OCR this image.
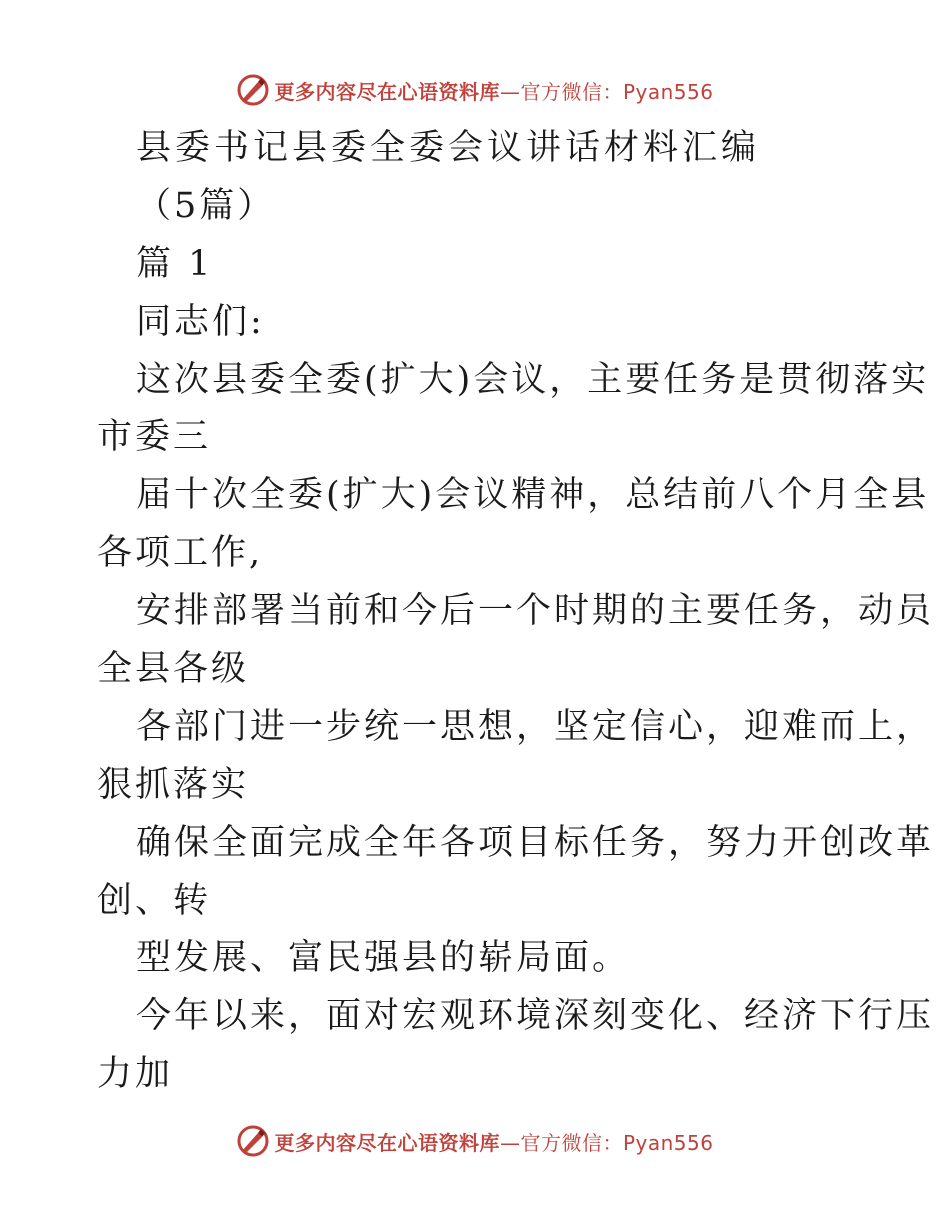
更多内容尽在心语资料库—官方微信：Pyan556
县委书记县委全委会议讲话材料汇编
（5篇）
篇 1
同志们:
这次县委全委(扩大)会议，主要任务是贯彻落实
市委三
届十次全委(扩大)会议精神，总结前八个月全县
各项工作,
安排部署当前和今后一个时期的主要任务，动员
全县各级
各部门进一步统一思想，坚定信心，迎难而上，
狠抓落实
确保全面完成全年各项目标任务，努力开创改革
创、转
型发展、富民强县的崭局面。
今年以来，面对宏观环境深刻变化、经济下行压
力加
更多内容尽在心语资料库—官方微信：Pyan556
